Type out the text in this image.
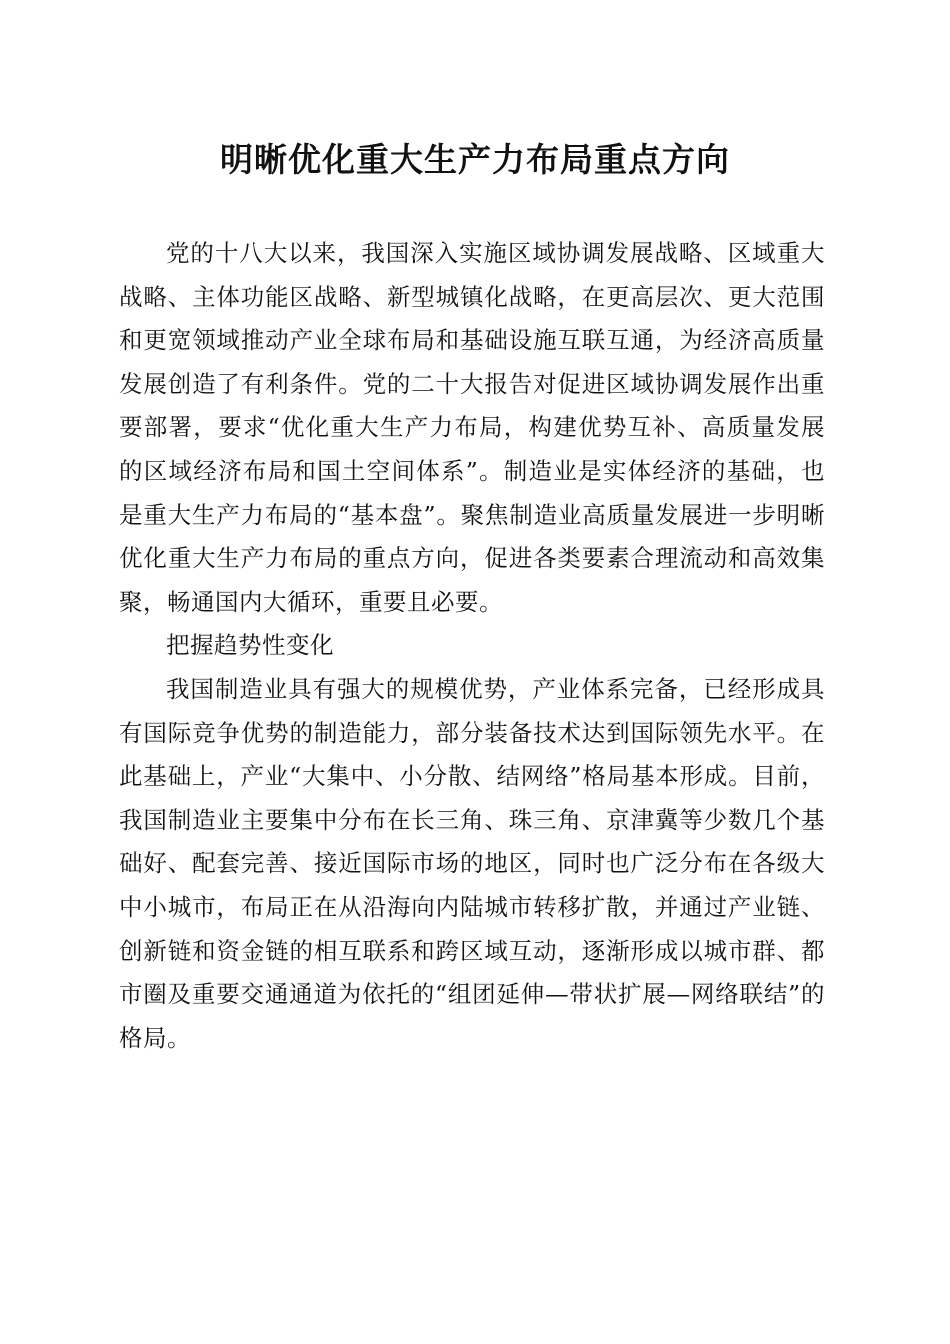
明晰优化重大生产力布局重点方向

党的十八大以来，我国深入实施区域协调发展战略、区域重大战略、主体功能区战略、新型城镇化战略，在更高层次、更大范围和更宽领域推动产业全球布局和基础设施互联互通，为经济高质量发展创造了有利条件。党的二十大报告对促进区域协调发展作出重要部署，要求“优化重大生产力布局，构建优势互补、高质量发展的区域经济布局和国土空间体系”。制造业是实体经济的基础，也是重大生产力布局的“基本盘”。聚焦制造业高质量发展进一步明晰优化重大生产力布局的重点方向，促进各类要素合理流动和高效集聚，畅通国内大循环，重要且必要。

把握趋势性变化

我国制造业具有强大的规模优势，产业体系完备，已经形成具有国际竞争优势的制造能力，部分装备技术达到国际领先水平。在此基础上，产业“大集中、小分散、结网络”格局基本形成。目前，我国制造业主要集中分布在长三角、珠三角、京津冀等少数几个基础好、配套完善、接近国际市场的地区，同时也广泛分布在各级大中小城市，布局正在从沿海向内陆城市转移扩散，并通过产业链、创新链和资金链的相互联系和跨区域互动，逐渐形成以城市群、都市圈及重要交通通道为依托的“组团延伸—带状扩展—网络联结”的格局。
